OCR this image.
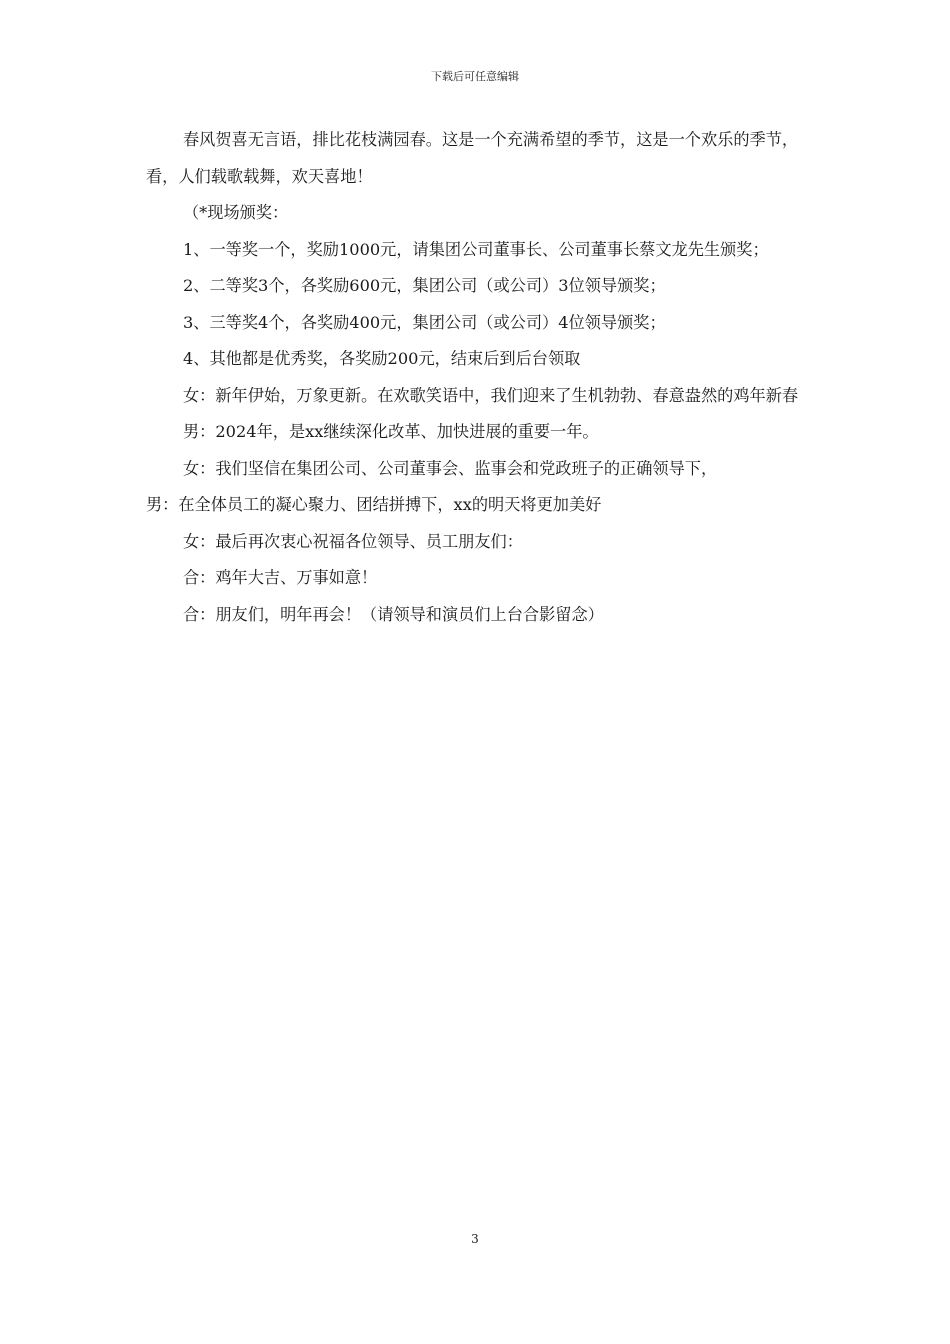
下载后可任意编辑

春风贺喜无言语，排比花枝满园春。这是一个充满希望的季节，这是一个欢乐的季节，看，人们载歌载舞，欢天喜地！

（*现场颁奖：

1、一等奖一个，奖励1000元，请集团公司董事长、公司董事长蔡文龙先生颁奖；

2、二等奖3个，各奖励600元，集团公司（或公司）3位领导颁奖；

3、三等奖4个，各奖励400元，集团公司（或公司）4位领导颁奖；

4、其他都是优秀奖，各奖励200元，结束后到后台领取

女：新年伊始，万象更新。在欢歌笑语中，我们迎来了生机勃勃、春意盎然的鸡年新春

男：2024年，是xx继续深化改革、加快进展的重要一年。

女：我们坚信在集团公司、公司董事会、监事会和党政班子的正确领导下，

男：在全体员工的凝心聚力、团结拼搏下，xx的明天将更加美好

女：最后再次衷心祝福各位领导、员工朋友们：

合：鸡年大吉、万事如意！

合：朋友们，明年再会！（请领导和演员们上台合影留念）

3
